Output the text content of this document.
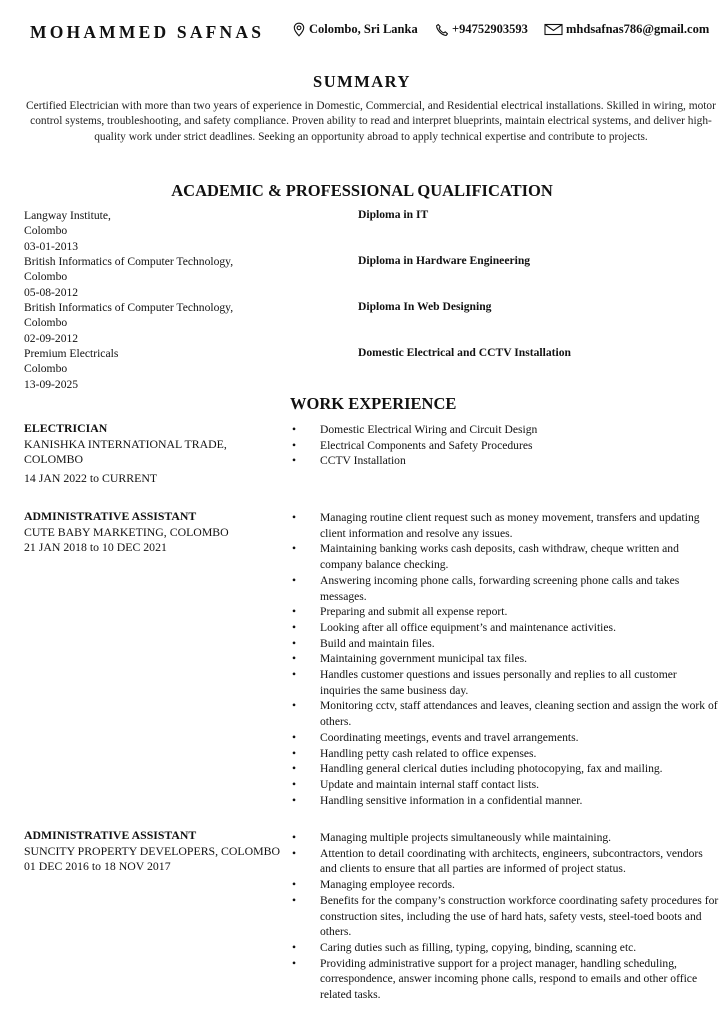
MOHAMMED SAFNAS	Colombo, Sri Lanka	+94752903593	mhdsafnas786@gmail.com
SUMMARY
Certified Electrician with more than two years of experience in Domestic, Commercial, and Residential electrical installations. Skilled in wiring, motor control systems, troubleshooting, and safety compliance. Proven ability to read and interpret blueprints, maintain electrical systems, and deliver high-quality work under strict deadlines. Seeking an opportunity abroad to apply technical expertise and contribute to projects.
ACADEMIC & PROFESSIONAL QUALIFICATION
Langway Institute,
Colombo
03-01-2013
Diploma in IT
British Informatics of Computer Technology,
Colombo
05-08-2012
Diploma in Hardware Engineering
British Informatics of Computer Technology,
Colombo
02-09-2012
Diploma In Web Designing
Premium Electricals
Colombo
13-09-2025
Domestic Electrical and CCTV Installation
WORK EXPERIENCE
ELECTRICIAN
KANISHKA INTERNATIONAL TRADE, COLOMBO
14 JAN 2022 to CURRENT
• Domestic Electrical Wiring and Circuit Design
• Electrical Components and Safety Procedures
• CCTV Installation
ADMINISTRATIVE ASSISTANT
CUTE BABY MARKETING, COLOMBO
21 JAN 2018 to 10 DEC 2021
• Managing routine client request such as money movement, transfers and updating client information and resolve any issues.
• Maintaining banking works cash deposits, cash withdraw, cheque written and company balance checking.
• Answering incoming phone calls, forwarding screening phone calls and takes messages.
• Preparing and submit all expense report.
• Looking after all office equipment’s and maintenance activities.
• Build and maintain files.
• Maintaining government municipal tax files.
• Handles customer questions and issues personally and replies to all customer inquiries the same business day.
• Monitoring cctv, staff attendances and leaves, cleaning section and assign the work of others.
• Coordinating meetings, events and travel arrangements.
• Handling petty cash related to office expenses.
• Handling general clerical duties including photocopying, fax and mailing.
• Update and maintain internal staff contact lists.
• Handling sensitive information in a confidential manner.
ADMINISTRATIVE ASSISTANT
SUNCITY PROPERTY DEVELOPERS, COLOMBO
01 DEC 2016 to 18 NOV 2017
• Managing multiple projects simultaneously while maintaining.
• Attention to detail coordinating with architects, engineers, subcontractors, vendors and clients to ensure that all parties are informed of project status.
• Managing employee records.
• Benefits for the company’s construction workforce coordinating safety procedures for construction sites, including the use of hard hats, safety vests, steel-toed boots and others.
• Caring duties such as filling, typing, copying, binding, scanning etc.
• Providing administrative support for a project manager, handling scheduling, correspondence, answer incoming phone calls, respond to emails and other office related tasks.
